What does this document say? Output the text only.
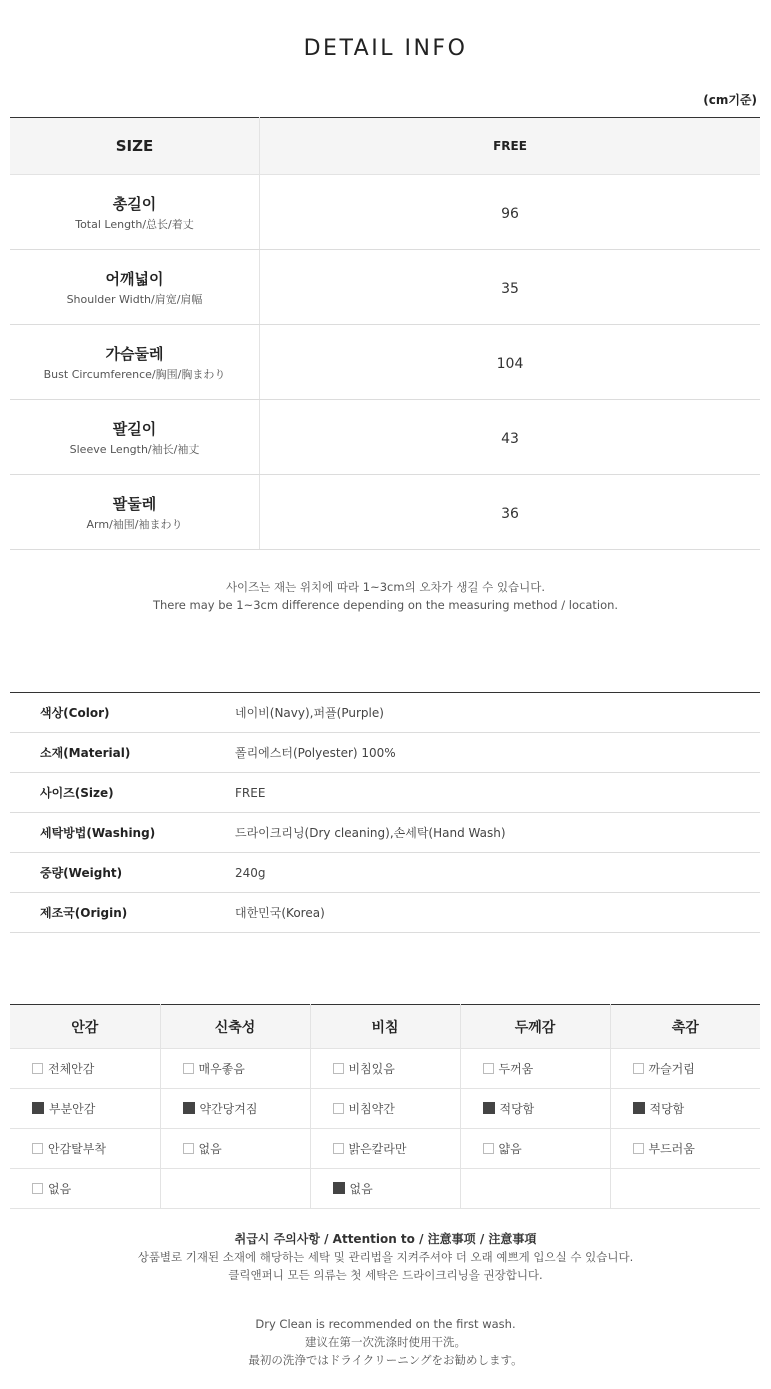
DETAIL INFO
(cm기준)
SIZE	FREE

총길이
Total Length/总长/着丈	96

어깨넓이
Shoulder Width/肩宽/肩幅	35

가슴둘레
Bust Circumference/胸围/胸まわり	104

팔길이
Sleeve Length/袖长/袖丈	43

팔둘레
Arm/袖围/袖まわり	36
사이즈는 재는 위치에 따라 1~3cm의 오차가 생길 수 있습니다.
There may be 1~3cm difference depending on the measuring method / location.
색상(Color)	네이비(Navy),퍼플(Purple)
소재(Material)	폴리에스터(Polyester) 100%
사이즈(Size)	FREE
세탁방법(Washing)	드라이크리닝(Dry cleaning),손세탁(Hand Wash)
중량(Weight)	240g
제조국(Origin)	대한민국(Korea)
안감	신축성	비침	두께감	촉감
전체안감	매우좋음	비침있음	두꺼움	까슬거림
부분안감	약간당겨짐	비침약간	적당함	적당함
안감탈부착	없음	밝은칼라만	얇음	부드러움
없음		없음		
취급시 주의사항 / Attention to / 注意事项 / 注意事項
상품별로 기재된 소재에 해당하는 세탁 및 관리법을 지켜주셔야 더 오래 예쁘게 입으실 수 있습니다.
클릭앤퍼니 모든 의류는 첫 세탁은 드라이크리닝을 권장합니다.
Dry Clean is recommended on the first wash.
建议在第一次洗涤时使用干洗。
最初の洗浄ではドライクリーニングをお勧めします。
